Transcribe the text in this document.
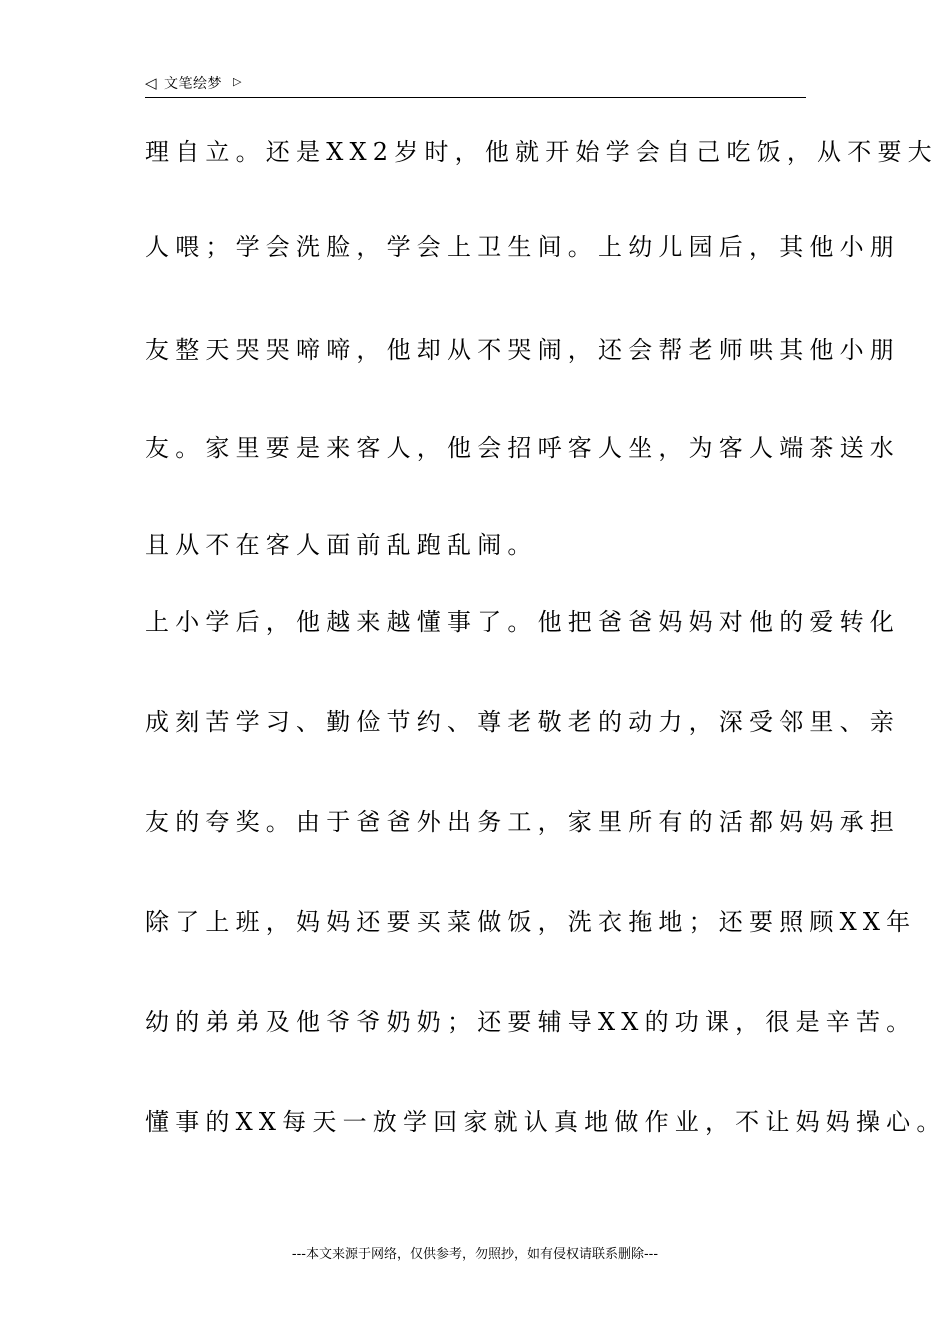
◁ 文笔绘梦 ▷
理自立。还是XX2岁时，他就开始学会自己吃饭，从不要大
人喂；学会洗脸，学会上卫生间。上幼儿园后，其他小朋
友整天哭哭啼啼，他却从不哭闹，还会帮老师哄其他小朋
友。家里要是来客人，他会招呼客人坐，为客人端茶送水
且从不在客人面前乱跑乱闹。
上小学后，他越来越懂事了。他把爸爸妈妈对他的爱转化
成刻苦学习、勤俭节约、尊老敬老的动力，深受邻里、亲
友的夸奖。由于爸爸外出务工，家里所有的活都妈妈承担
除了上班，妈妈还要买菜做饭，洗衣拖地；还要照顾XX年
幼的弟弟及他爷爷奶奶；还要辅导XX的功课，很是辛苦。
懂事的XX每天一放学回家就认真地做作业，不让妈妈操心。
---本文来源于网络，仅供参考，勿照抄，如有侵权请联系删除---
